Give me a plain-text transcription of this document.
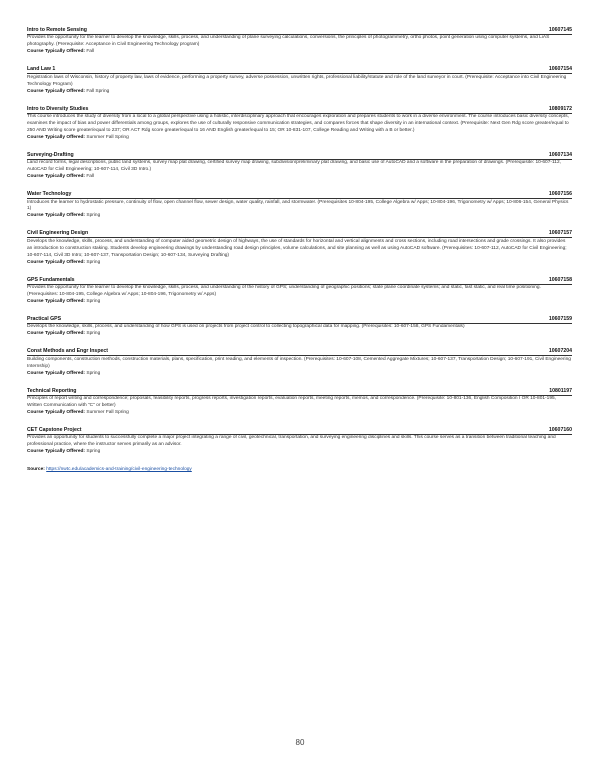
Intro to Remote Sensing	10607145
Provides the opportunity for the learner to develop the knowledge, skills, process, and understanding of plane surveying calculations, conversions, the principles of photogrammetry, ortho photos, point generation using computer systems, and LiAS photography. (Prerequisite: Acceptance in Civil Engineering Technology program)
Course Typically Offered: Fall
Land Law 1	10607154
Registration laws of Wisconsin, history of property law, laws of evidence, performing a property survey, adverse possession, unwritten rights, professional liability/statute and role of the land surveyor in court. (Prerequisite: Acceptance into Civil Engineering Technology Program)
Course Typically Offered: Fall Spring
Intro to Diversity Studies	10809172
This course introduces the study of diversity from a local to a global perspective using a holistic, interdisciplinary approach that encourages exploration and prepares students to work in a diverse environment. The course introduces basic diversity concepts, examines the impact of bias and power differentials among groups, explores the use of culturally responsive communication strategies, and compares forces that shape diversity in an international context. (Prerequisite: Next Gen Rdg score greater/equal to 250 AND Writing score greater/equal to 237; OR ACT Rdg score greater/equal to 16 AND English greater/equal to 15; OR 10-831-107, College Reading and Writing with a B or better.)
Course Typically Offered: Summer Fall Spring
Surveying-Drafting	10607134
Land record forms, legal descriptions, public land systems, survey map plat drawing, certified survey map drawing, subdivision/preliminary plat drawing, and basic use of AutoCAD and a software in the preparation of drawings. (Prerequisite: 10-607-112, AutoCAD for Civil Engineering; 10-607-114, Civil 3D Intro.)
Course Typically Offered: Fall
Water Technology	10607156
Introduces the learner to hydrostatic pressure, continuity of flow, open channel flow, sewer design, water quality, rainfall, and stormwater. (Prerequisites 10-804-195, College Algebra w/ Apps; 10-804-196, Trigonometry w/ Apps; 10-806-154, General Physics 1)
Course Typically Offered: Spring
Civil Engineering Design	10607157
Develops the knowledge, skills, process, and understanding of computer aided geometric design of highways, the use of standards for horizontal and vertical alignments and cross sections, including road intersections and grade crossings. It also provides an introduction to construction staking. Students develop engineering drawings by understanding road design principles, volume calculations, and site planning as well as using AutoCAD software. (Prerequisites: 10-607-112, AutoCAD for Civil Engineering; 10-607-114, Civil 3D Intro; 10-607-137, Transportation Design; 10-607-134, Surveying Drafting)
Course Typically Offered: Spring
GPS Fundamentals	10607158
Provides the opportunity for the learner to develop the knowledge, skills, process, and understanding of the history of GPS; understanding of geographic positions; state plane coordinate systems; and static, fast static, and real time positioning. (Prerequisites: 10-804-195, College Algebra w/ Apps; 10-804-196, Trigonometry w/ Apps)
Course Typically Offered: Spring
Practical GPS	10607159
Develops the knowledge, skills, process, and understanding of how GPS is used on projects from project control to collecting topographical data for mapping. (Prerequisites: 10-607-158, GPS Fundamentals)
Course Typically Offered: Spring
Const Methods and Engr Inspect	10607204
Building components, construction methods, construction materials, plans, specification, print reading, and elements of inspection. (Prerequisites: 10-607-108, Cemented Aggregate Mixtures; 10-607-137, Transportation Design; 10-607-191, Civil Engineering Internship)
Course Typically Offered: Spring
Technical Reporting	10801197
Principles of report writing and correspondence; proposals, feasibility reports, progress reports, investigation reports, evaluation reports, meeting reports, memos, and correspondence. (Prerequisite: 10-801-136, English Composition I OR 10-801-195, Written Communication with "C" or better)
Course Typically Offered: Summer Fall Spring
CET Capstone Project	10607160
Provides an opportunity for students to successfully complete a major project integrating a range of civil, geotechnical, transportation, and surveying engineering disciplines and skills. This course serves as a transition between traditional teaching and professional practice, where the instructor serves primarily as an advisor.
Course Typically Offered: Spring
Source: https://nwtc.edu/academics-and-training/civil-engineering-technology
80
